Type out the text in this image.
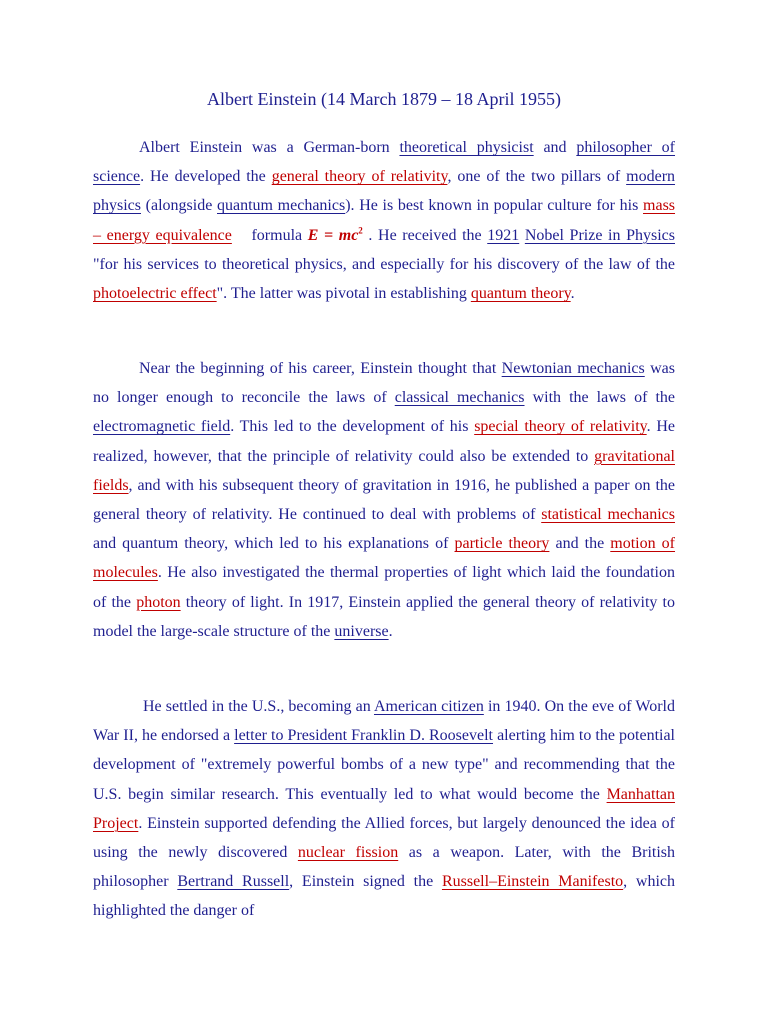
Albert Einstein (14 March 1879 – 18 April 1955)

Albert Einstein was a German-born theoretical physicist and philosopher of science. He developed the general theory of relativity, one of the two pillars of modern physics (alongside quantum mechanics). He is best known in popular culture for his mass – energy equivalence formula $E = mc^2$ . He received the 1921 Nobel Prize in Physics "for his services to theoretical physics, and especially for his discovery of the law of the photoelectric effect". The latter was pivotal in establishing quantum theory.

Near the beginning of his career, Einstein thought that Newtonian mechanics was no longer enough to reconcile the laws of classical mechanics with the laws of the electromagnetic field. This led to the development of his special theory of relativity. He realized, however, that the principle of relativity could also be extended to gravitational fields, and with his subsequent theory of gravitation in 1916, he published a paper on the general theory of relativity. He continued to deal with problems of statistical mechanics and quantum theory, which led to his explanations of particle theory and the motion of molecules. He also investigated the thermal properties of light which laid the foundation of the photon theory of light. In 1917, Einstein applied the general theory of relativity to model the large-scale structure of the universe.

He settled in the U.S., becoming an American citizen in 1940. On the eve of World War II, he endorsed a letter to President Franklin D. Roosevelt alerting him to the potential development of "extremely powerful bombs of a new type" and recommending that the U.S. begin similar research. This eventually led to what would become the Manhattan Project. Einstein supported defending the Allied forces, but largely denounced the idea of using the newly discovered nuclear fission as a weapon. Later, with the British philosopher Bertrand Russell, Einstein signed the Russell–Einstein Manifesto, which highlighted the danger of
